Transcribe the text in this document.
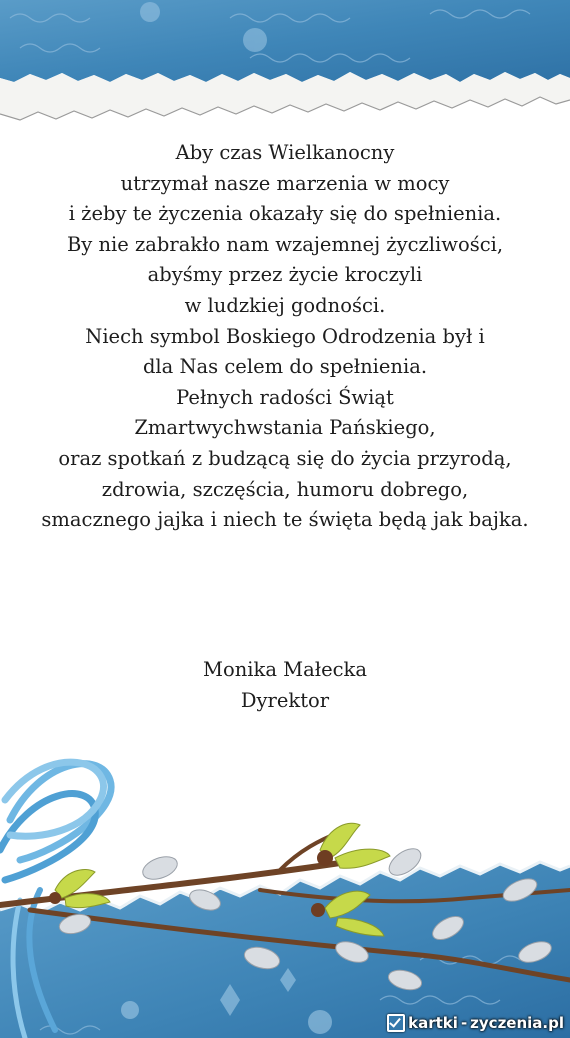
Aby czas Wielkanocny
utrzymał nasze marzenia w mocy
i żeby te życzenia okazały się do spełnienia.
By nie zabrakło nam wzajemnej życzliwości,
abyśmy przez życie kroczyli
w ludzkiej godności.
Niech symbol Boskiego Odrodzenia był i
dla Nas celem do spełnienia.
Pełnych radości Świąt
Zmartwychwstania Pańskiego,
oraz spotkań z budzącą się do życia przyrodą,
zdrowia, szczęścia, humoru dobrego,
smacznego jajka i niech te święta będą jak bajka.
Monika Małecka
Dyrektor
kartki - zyczenia.pl
